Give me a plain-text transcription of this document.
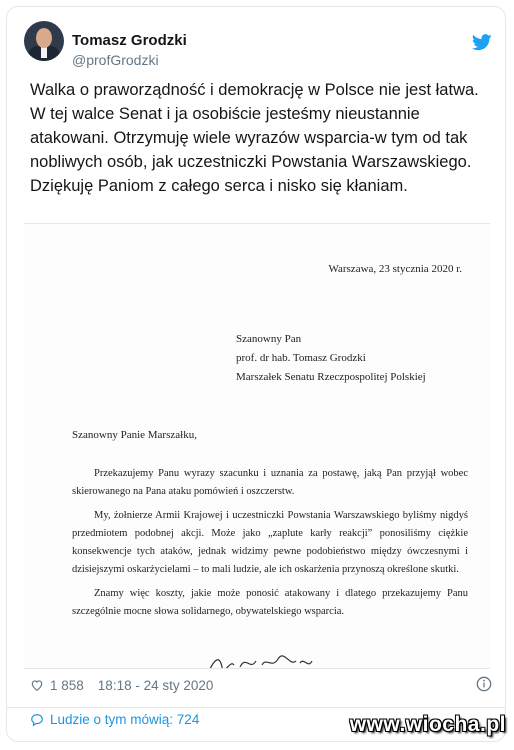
Tomasz Grodzki
@profGrodzki
Walka o praworządność i demokrację w Polsce nie jest łatwa. W tej walce Senat i ja osobiście jesteśmy nieustannie atakowani. Otrzymuję wiele wyrazów wsparcia-w tym od tak nobliwych osób, jak uczestniczki Powstania Warszawskiego. Dziękuję Paniom z całego serca i nisko się kłaniam.
Warszawa, 23 stycznia 2020 r.
Szanowny Pan
prof. dr hab. Tomasz Grodzki
Marszałek Senatu Rzeczpospolitej Polskiej
Szanowny Panie Marszałku,
Przekazujemy Panu wyrazy szacunku i uznania za postawę, jaką Pan przyjął wobec skierowanego na Pana ataku pomówień i oszczerstw.
My, żołnierze Armii Krajowej i uczestniczki Powstania Warszawskiego byliśmy nigdyś przedmiotem podobnej akcji. Może jako „zaplute karły reakcji” ponosiliśmy ciężkie konsekwencje tych ataków, jednak widzimy pewne podobieństwo między ówczesnymi i dzisiejszymi oskarżycielami – to mali ludzie, ale ich oskarżenia przynoszą określone skutki.
Znamy więc koszty, jakie może ponosić atakowany i dlatego przekazujemy Panu szczególnie mocne słowa solidarnego, obywatelskiego wsparcia.
1 858 18:18 - 24 sty 2020
Ludzie o tym mówią: 724	www.wiocha.pl
